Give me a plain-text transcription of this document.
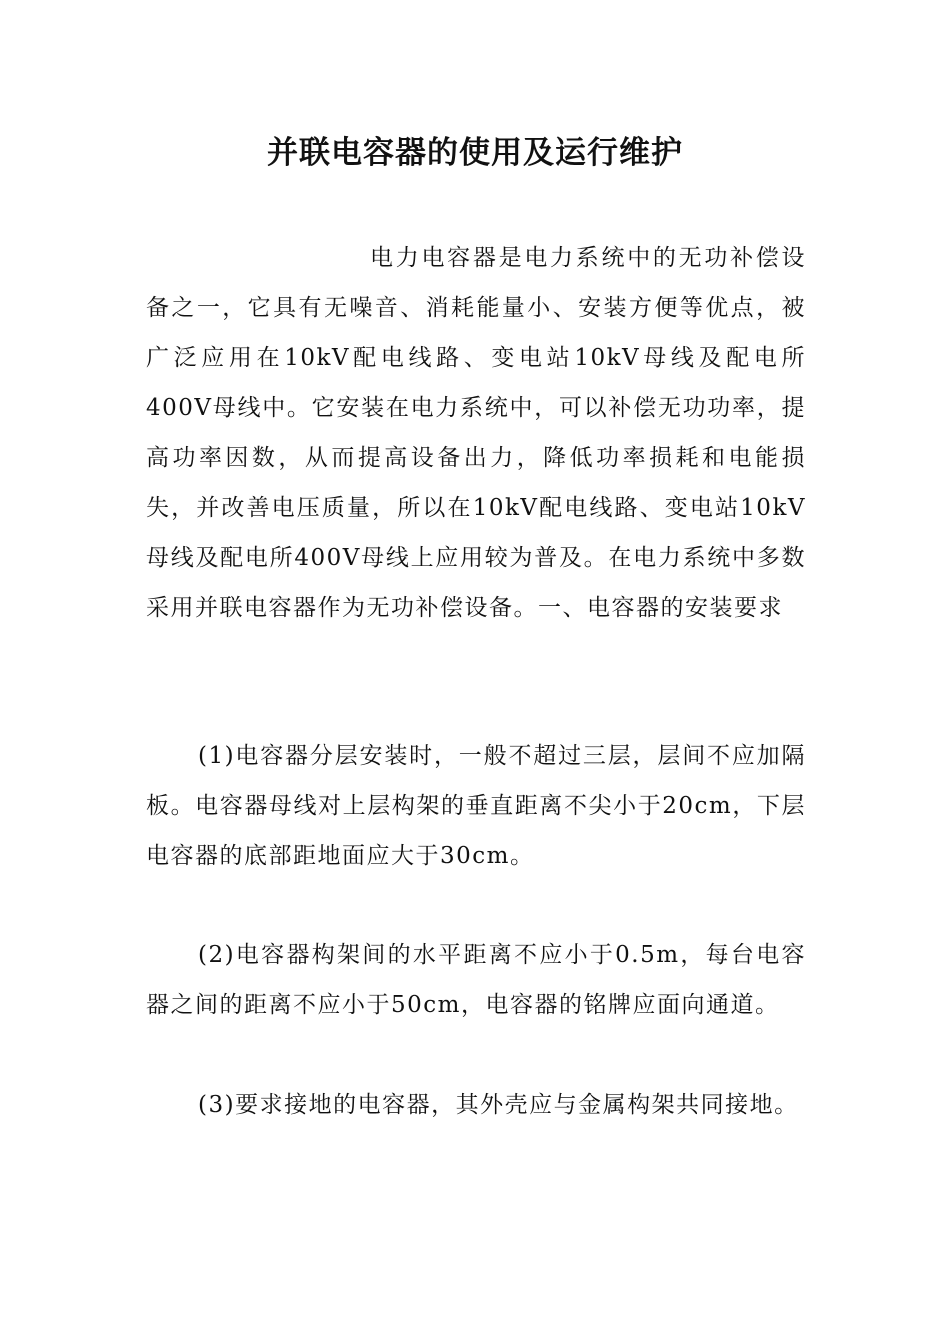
并联电容器的使用及运行维护

电力电容器是电力系统中的无功补偿设备之一，它具有无噪音、消耗能量小、安装方便等优点，被广泛应用在10kV配电线路、变电站10kV母线及配电所400V母线中。它安装在电力系统中，可以补偿无功功率，提高功率因数，从而提高设备出力，降低功率损耗和电能损失，并改善电压质量，所以在10kV配电线路、变电站10kV母线及配电所400V母线上应用较为普及。在电力系统中多数采用并联电容器作为无功补偿设备。一、电容器的安装要求

(1)电容器分层安装时，一般不超过三层，层间不应加隔板。电容器母线对上层构架的垂直距离不尖小于20cm，下层电容器的底部距地面应大于30cm。

(2)电容器构架间的水平距离不应小于0.5m，每台电容器之间的距离不应小于50cm，电容器的铭牌应面向通道。

(3)要求接地的电容器，其外壳应与金属构架共同接地。
